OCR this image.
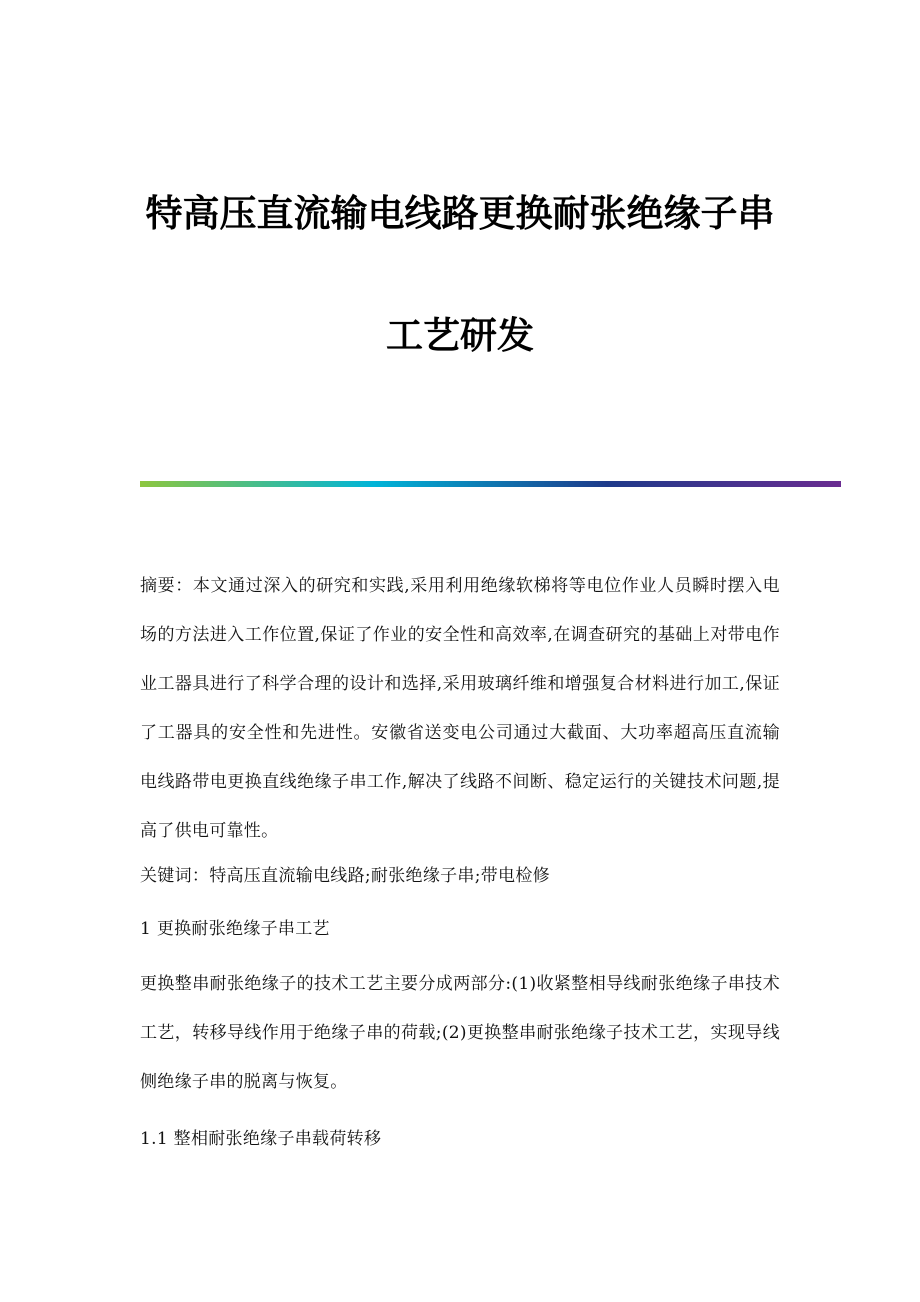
特高压直流输电线路更换耐张绝缘子串
工艺研发

摘要：本文通过深入的研究和实践,采用利用绝缘软梯将等电位作业人员瞬时摆入电场的方法进入工作位置,保证了作业的安全性和高效率,在调查研究的基础上对带电作业工器具进行了科学合理的设计和选择,采用玻璃纤维和增强复合材料进行加工,保证了工器具的安全性和先进性。安徽省送变电公司通过大截面、大功率超高压直流输电线路带电更换直线绝缘子串工作,解决了线路不间断、稳定运行的关键技术问题,提高了供电可靠性。

关键词：特高压直流输电线路;耐张绝缘子串;带电检修

1 更换耐张绝缘子串工艺

更换整串耐张绝缘子的技术工艺主要分成两部分:(1)收紧整相导线耐张绝缘子串技术工艺，转移导线作用于绝缘子串的荷载;(2)更换整串耐张绝缘子技术工艺，实现导线侧绝缘子串的脱离与恢复。

1.1 整相耐张绝缘子串载荷转移
